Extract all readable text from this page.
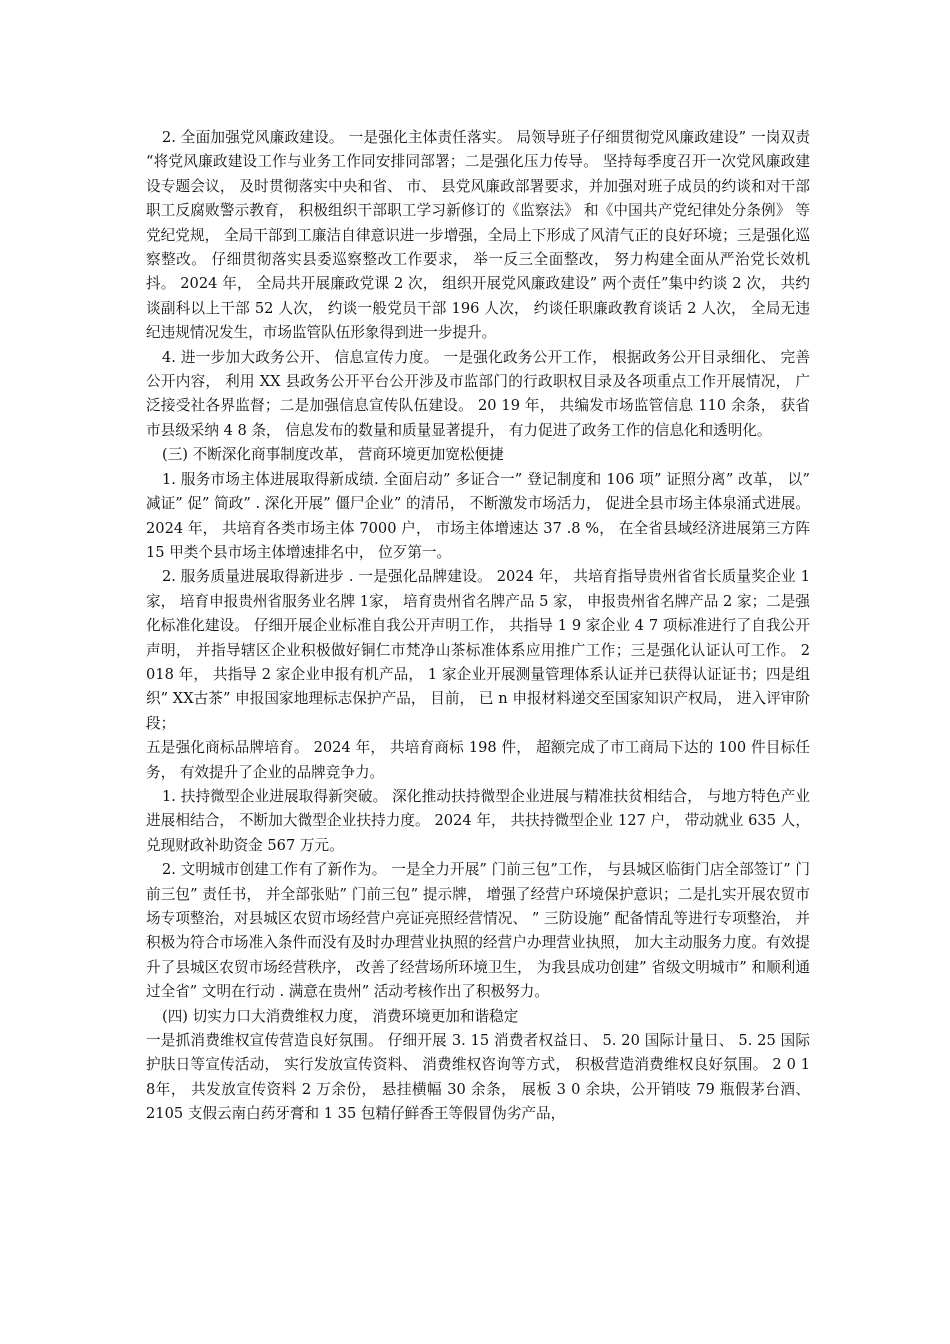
2. 全面加强党风廉政建设。 一是强化主体责任落实。 局领导班子仔细贯彻党风廉政建设” 一岗双责 “将党风廉政建设工作与业务工作同安排同部署；二是强化压力传导。 坚持每季度召开一次党风廉政建设专题会议， 及时贯彻落实中央和省、 市、 县党风廉政部署要求，并加强对班子成员的约谈和对干部职工反腐败警示教育， 积极组织干部职工学习新修订的《监察法》 和《中国共产党纪律处分条例》 等党纪党规， 全局干部到工廉洁自律意识进一步增强，全局上下形成了风清气正的良好环境；三是强化巡察整改。 仔细贯彻落实县委巡察整改工作要求， 举一反三全面整改， 努力构建全面从严治党长效机抖。 2024 年， 全局共开展廉政党课 2 次， 组织开展党风廉政建设” 两个责任”集中约谈 2 次， 共约谈副科以上干部 52 人次， 约谈一般党员干部 196 人次， 约谈任职廉政教育谈话 2 人次， 全局无违纪违规情况发生，市场监管队伍形象得到进一步提升。

4. 进一步加大政务公开、 信息宣传力度。 一是强化政务公开工作， 根据政务公开目录细化、 完善公开内容， 利用 XX 县政务公开平台公开涉及市监部门的行政职权目录及各项重点工作开展情况， 广泛接受社各界监督；二是加强信息宣传队伍建设。 20 19 年， 共编发市场监管信息 110 余条， 获省市县级采纳 4 8 条， 信息发布的数量和质量显著提升， 有力促进了政务工作的信息化和透明化。

(三) 不断深化商事制度改革， 营商环境更加宽松便捷

1. 服务市场主体进展取得新成绩. 全面启动” 多证合一” 登记制度和 106 项” 证照分离” 改革， 以” 减证” 促” 简政” . 深化开展” 僵尸企业” 的清吊， 不断激发市场活力， 促进全县市场主体泉涌式进展。 2024 年， 共培育各类市场主体 7000 户， 市场主体增速达 37 .8 %， 在全省县域经济进展第三方阵 15 甲类个县市场主体增速排名中， 位歹第一。

2. 服务质量进展取得新进步 . 一是强化品牌建设。 2024 年， 共培育指导贵州省省长质量奖企业 1 家， 培育申报贵州省服务业名牌 1家， 培育贵州省名牌产品 5 家， 申报贵州省名牌产品 2 家；二是强化标准化建设。 仔细开展企业标准自我公开声明工作， 共指导 1 9 家企业 4 7 项标准进行了自我公开声明， 并指导辖区企业积极做好铜仁市梵净山茶标准体系应用推广工作；三是强化认证认可工作。 2 018 年， 共指导 2 家企业申报有机产品， 1 家企业开展测量管理体系认证并已获得认证证书；四是组织” XX古茶” 申报国家地理标志保护产品， 目前， 已 n 申报材料递交至国家知识产权局， 进入评审阶段；

五是强化商标品牌培育。 2024 年， 共培育商标 198 件， 超额完成了市工商局下达的 100 件目标任务， 有效提升了企业的品牌竞争力。

1. 扶持微型企业进展取得新突破。 深化推动扶持微型企业进展与精准扶贫相结合， 与地方特色产业进展相结合， 不断加大微型企业扶持力度。 2024 年， 共扶持微型企业 127 户， 带动就业 635 人，兑现财政补助资金 567 万元。

2. 文明城市创建工作有了新作为。 一是全力开展” 门前三包”工作， 与县城区临街门店全部签订” 门前三包” 责任书， 并全部张贴” 门前三包” 提示牌， 增强了经营户环境保护意识；二是扎实开展农贸市场专项整治，对县城区农贸市场经营户亮证亮照经营情况、 ” 三防设施” 配备情乱等进行专项整治， 并积极为符合市场准入条件而没有及时办理营业执照的经营户办理营业执照， 加大主动服务力度。有效提升了县城区农贸市场经营秩序， 改善了经营场所环境卫生， 为我县成功创建” 省级文明城市” 和顺利通过全省” 文明在行动 . 满意在贵州” 活动考核作出了积极努力。

(四) 切实力口大消费维权力度， 消费环境更加和谐稳定

一是抓消费维权宣传营造良好氛围。 仔细开展 3. 15 消费者权益日、 5. 20 国际计量日、 5. 25 国际护肤日等宣传活动， 实行发放宣传资料、 消费维权咨询等方式， 积极营造消费维权良好氛围。 2 0 1 8年， 共发放宣传资料 2 万余份， 悬挂横幅 30 余条， 展板 3 0 余块，公开销吱 79 瓶假茅台酒、 2105 支假云南白药牙膏和 1 35 包精仔鲜香王等假冒伪劣产品，
